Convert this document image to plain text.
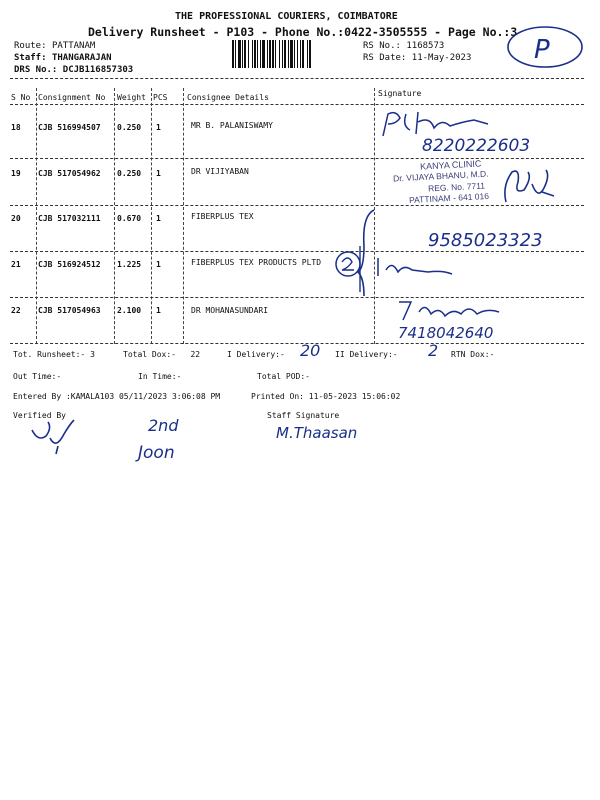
THE PROFESSIONAL COURIERS, COIMBATORE
Delivery Runsheet - P103 - Phone No.:0422-3505555 - Page No.:3
Route: PATTANAM
Staff: THANGARAJAN
DRS No.: DCJB116857303
RS No.: 1168573
RS Date: 11-May-2023 P
S No Consignment No Weight PCS Consignee Details	Signature
18 CJB 516994507 0.250 1	MR B. PALANISWAMY
19 CJB 517054962 0.250 1	DR VIJIYABAN
20 CJB 517032111 0.670 1	FIBERPLUS TEX
21 CJB 516924512 1.225 1	FIBERPLUS TEX PRODUCTS PLTD
22 CJB 517054963 2.100 1	DR MOHANASUNDARI
8220222603
KANYA CLINIC
Dr. VIJAYA BHANU, M.D.
REG. No. 7711
PATTINAM - 641 016
9585023323
7418042640
Tot. Runsheet:- 3	Total Dox:- 22	I Delivery:- 20 II Delivery:- 2 RTN Dox:-
Out Time:-	In Time:-	Total POD:-
Entered By :KAMALA103 05/11/2023 3:06:08 PM	Printed On: 11-05-2023 15:06:02
Verified By	Staff Signature
2nd
Joon
M.Thaasan
